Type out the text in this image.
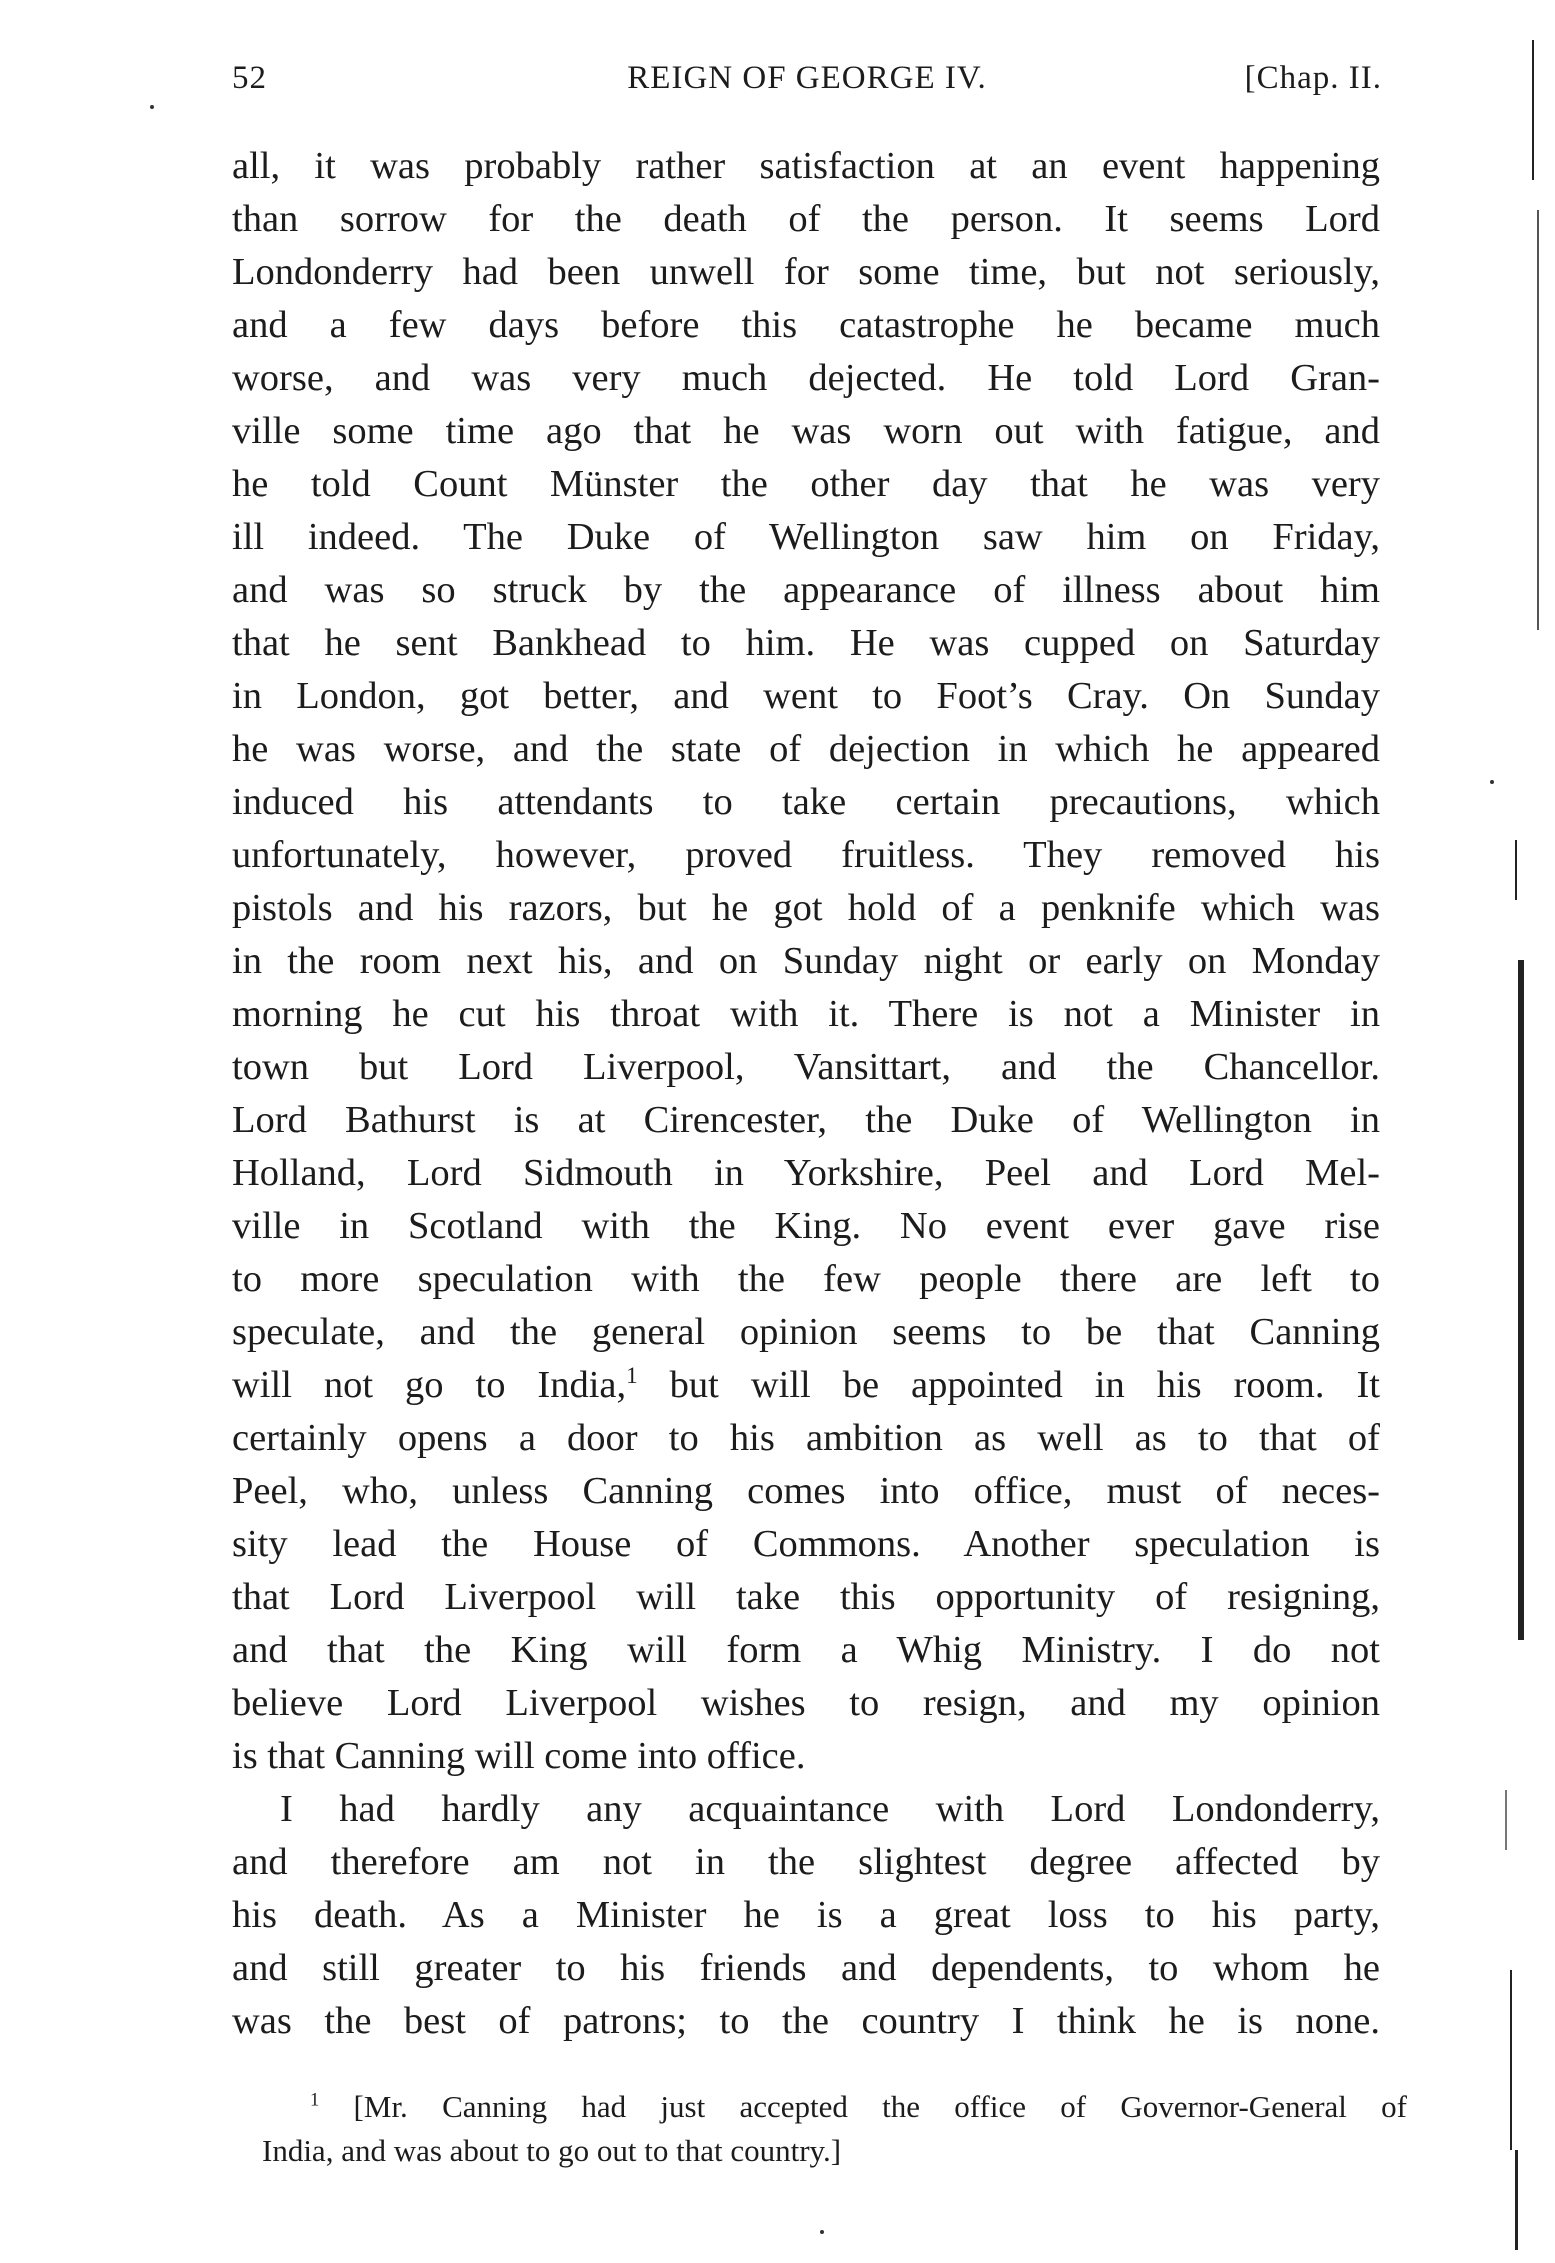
52	REIGN OF GEORGE IV.	[Chap. II.
all, it was probably rather satisfaction at an event happening
than sorrow for the death of the person. It seems Lord
Londonderry had been unwell for some time, but not seriously,
and a few days before this catastrophe he became much
worse, and was very much dejected. He told Lord Gran-
ville some time ago that he was worn out with fatigue, and
he told Count Münster the other day that he was very
ill indeed. The Duke of Wellington saw him on Friday,
and was so struck by the appearance of illness about him
that he sent Bankhead to him. He was cupped on Saturday
in London, got better, and went to Foot’s Cray. On Sunday
he was worse, and the state of dejection in which he appeared
induced his attendants to take certain precautions, which
unfortunately, however, proved fruitless. They removed his
pistols and his razors, but he got hold of a penknife which was
in the room next his, and on Sunday night or early on Monday
morning he cut his throat with it. There is not a Minister in
town but Lord Liverpool, Vansittart, and the Chancellor.
Lord Bathurst is at Cirencester, the Duke of Wellington in
Holland, Lord Sidmouth in Yorkshire, Peel and Lord Mel-
ville in Scotland with the King. No event ever gave rise
to more speculation with the few people there are left to
speculate, and the general opinion seems to be that Canning
will not go to India,$^1$ but will be appointed in his room. It
certainly opens a door to his ambition as well as to that of
Peel, who, unless Canning comes into office, must of neces-
sity lead the House of Commons. Another speculation is
that Lord Liverpool will take this opportunity of resigning,
and that the King will form a Whig Ministry. I do not
believe Lord Liverpool wishes to resign, and my opinion
is that Canning will come into office.
I had hardly any acquaintance with Lord Londonderry,
and therefore am not in the slightest degree affected by
his death. As a Minister he is a great loss to his party,
and still greater to his friends and dependents, to whom he
was the best of patrons; to the country I think he is none.
$^1$ [Mr. Canning had just accepted the office of Governor-General of
India, and was about to go out to that country.]
